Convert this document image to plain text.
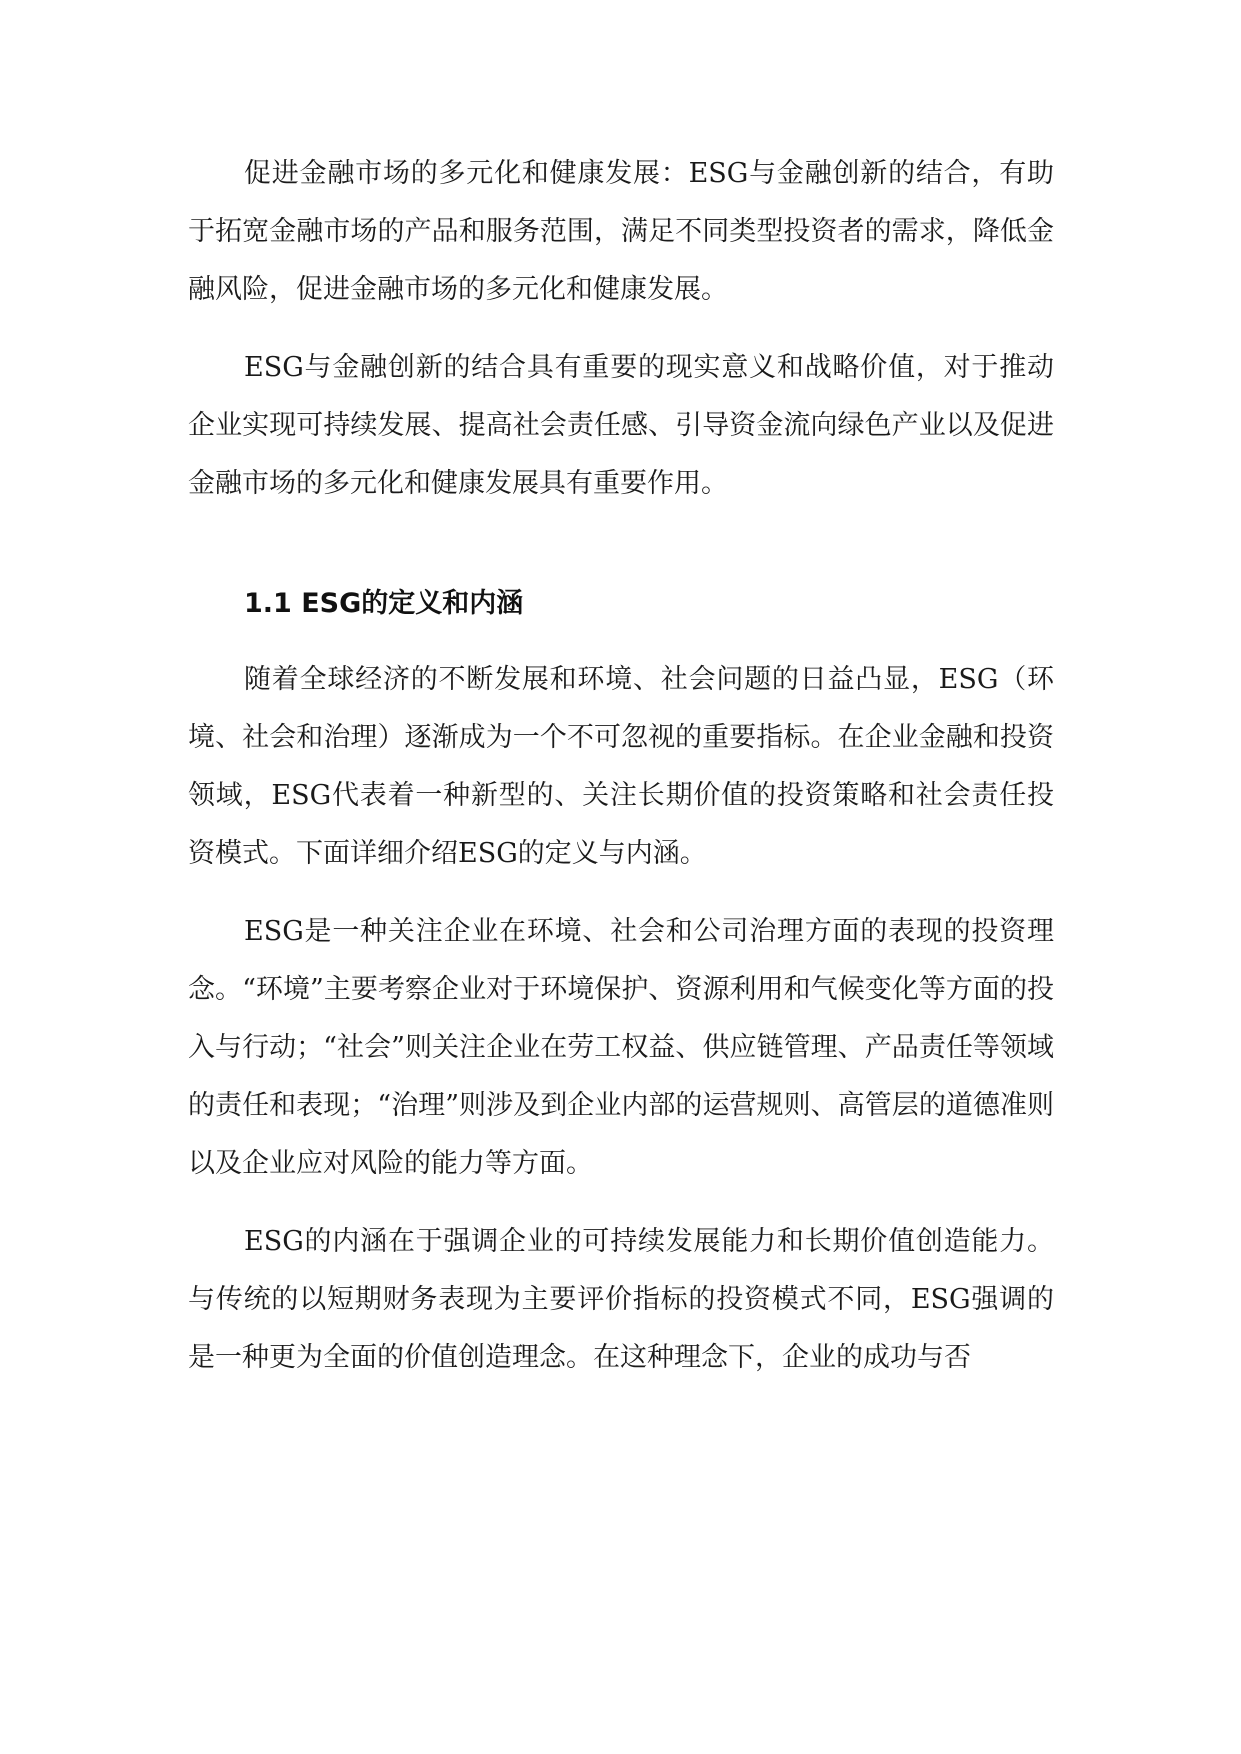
促进金融市场的多元化和健康发展：ESG与金融创新的结合，有助于拓宽金融市场的产品和服务范围，满足不同类型投资者的需求，降低金融风险，促进金融市场的多元化和健康发展。

ESG与金融创新的结合具有重要的现实意义和战略价值，对于推动企业实现可持续发展、提高社会责任感、引导资金流向绿色产业以及促进金融市场的多元化和健康发展具有重要作用。

1.1 ESG的定义和内涵

随着全球经济的不断发展和环境、社会问题的日益凸显，ESG（环境、社会和治理）逐渐成为一个不可忽视的重要指标。在企业金融和投资领域，ESG代表着一种新型的、关注长期价值的投资策略和社会责任投资模式。下面详细介绍ESG的定义与内涵。

ESG是一种关注企业在环境、社会和公司治理方面的表现的投资理念。“环境”主要考察企业对于环境保护、资源利用和气候变化等方面的投入与行动；“社会”则关注企业在劳工权益、供应链管理、产品责任等领域的责任和表现；“治理”则涉及到企业内部的运营规则、高管层的道德准则以及企业应对风险的能力等方面。

ESG的内涵在于强调企业的可持续发展能力和长期价值创造能力。与传统的以短期财务表现为主要评价指标的投资模式不同，ESG强调的是一种更为全面的价值创造理念。在这种理念下，企业的成功与否
